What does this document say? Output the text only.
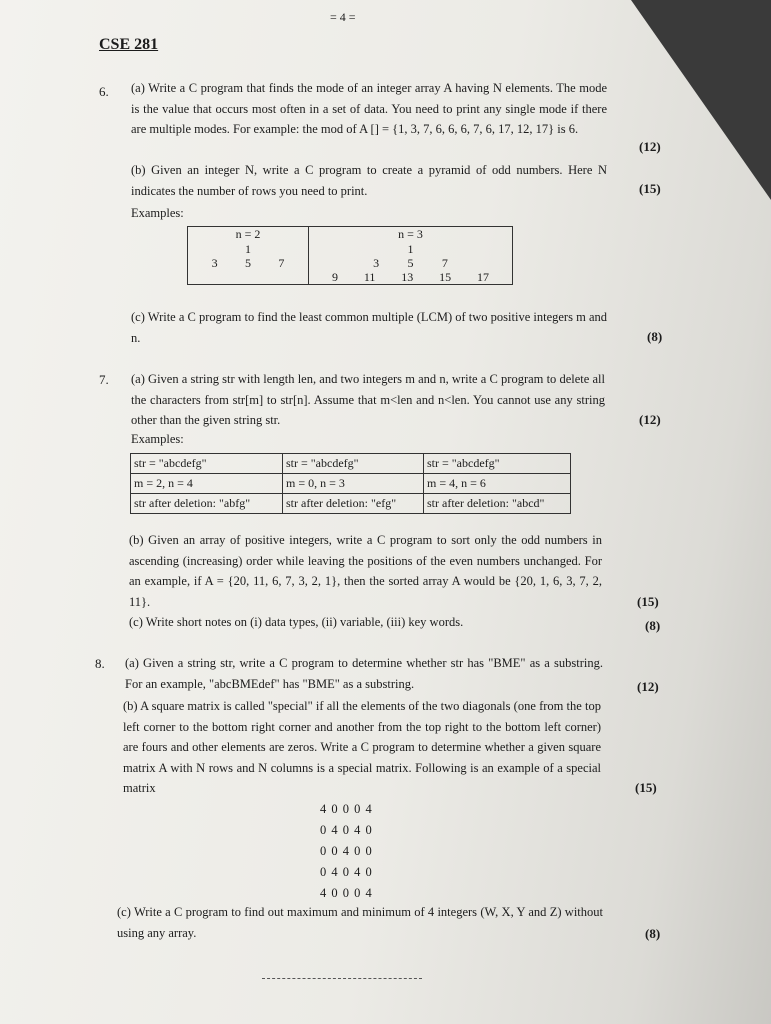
= 4 =
CSE 281
6. (a) Write a C program that finds the mode of an integer array A having N elements. The mode is the value that occurs most often in a set of data. You need to print any single mode if there are multiple modes. For example: the mod of A [] = {1, 3, 7, 6, 6, 6, 7, 6, 17, 12, 17} is 6.
(12)
(b) Given an integer N, write a C program to create a pyramid of odd numbers. Here N indicates the number of rows you need to print.	(15)
Examples:
n = 2
1
3 5 7

n = 3
1
3 5 7
9 11 13 15 17
(c) Write a C program to find the least common multiple (LCM) of two positive integers m and n.	(8)
7. (a) Given a string str with length len, and two integers m and n, write a C program to delete all the characters from str[m] to str[n]. Assume that m<len and n<len. You cannot use any string other than the given string str.	(12)
Examples:
str = "abcdefg"	str = "abcdefg"	str = "abcdefg"
m = 2, n = 4	m = 0, n = 3	m = 4, n = 6
str after deletion: "abfg"	str after deletion: "efg"	str after deletion: "abcd"
(b) Given an array of positive integers, write a C program to sort only the odd numbers in ascending (increasing) order while leaving the positions of the even numbers unchanged. For an example, if A = {20, 11, 6, 7, 3, 2, 1}, then the sorted array A would be {20, 1, 6, 3, 7, 2, 11}.	(15)
(c) Write short notes on (i) data types, (ii) variable, (iii) key words.	(8)
8. (a) Given a string str, write a C program to determine whether str has "BME" as a substring. For an example, "abcBMEdef" has "BME" as a substring.	(12)
(b) A square matrix is called "special" if all the elements of the two diagonals (one from the top left corner to the bottom right corner and another from the top right to the bottom left corner) are fours and other elements are zeros. Write a C program to determine whether a given square matrix A with N rows and N columns is a special matrix. Following is an example of a special matrix	(15)
4 0 0 0 4
0 4 0 4 0
0 0 4 0 0
0 4 0 4 0
4 0 0 0 4
(c) Write a C program to find out maximum and minimum of 4 integers (W, X, Y and Z) without using any array.	(8)
